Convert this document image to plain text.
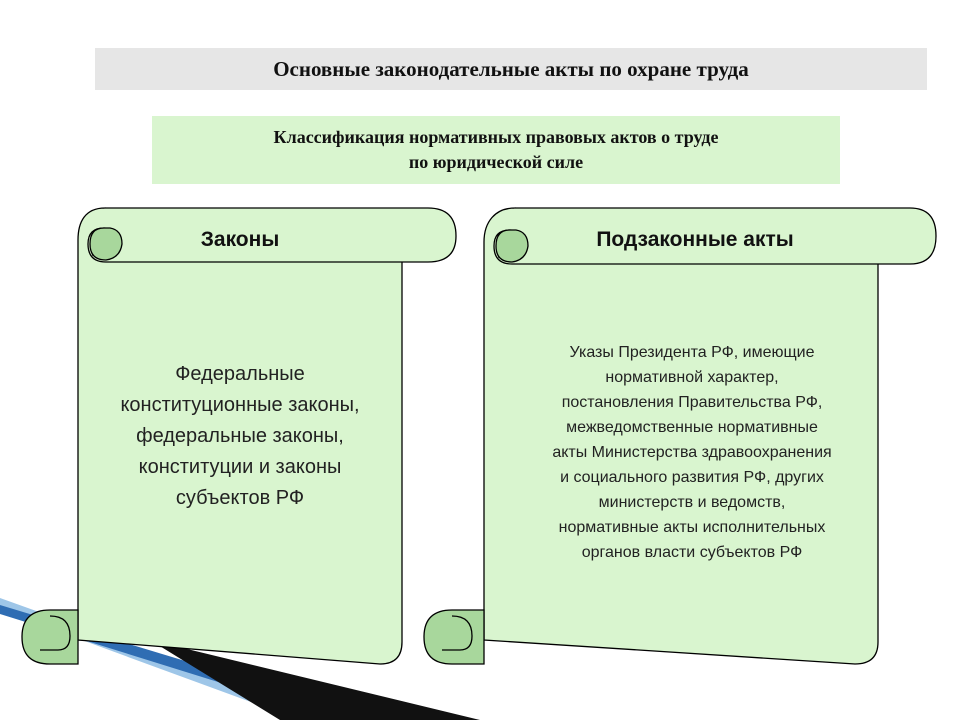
Основные законодательные акты по охране труда
Классификация нормативных правовых актов о труде
по юридической силе
Законы	Подзаконные акты
Федеральные
конституционные законы,
федеральные законы,
конституции и законы
субъектов РФ
Указы Президента РФ, имеющие
нормативной характер,
постановления Правительства РФ,
межведомственные нормативные
акты Министерства здравоохранения
и социального развития РФ, других
министерств и ведомств,
нормативные акты исполнительных
органов власти субъектов РФ
